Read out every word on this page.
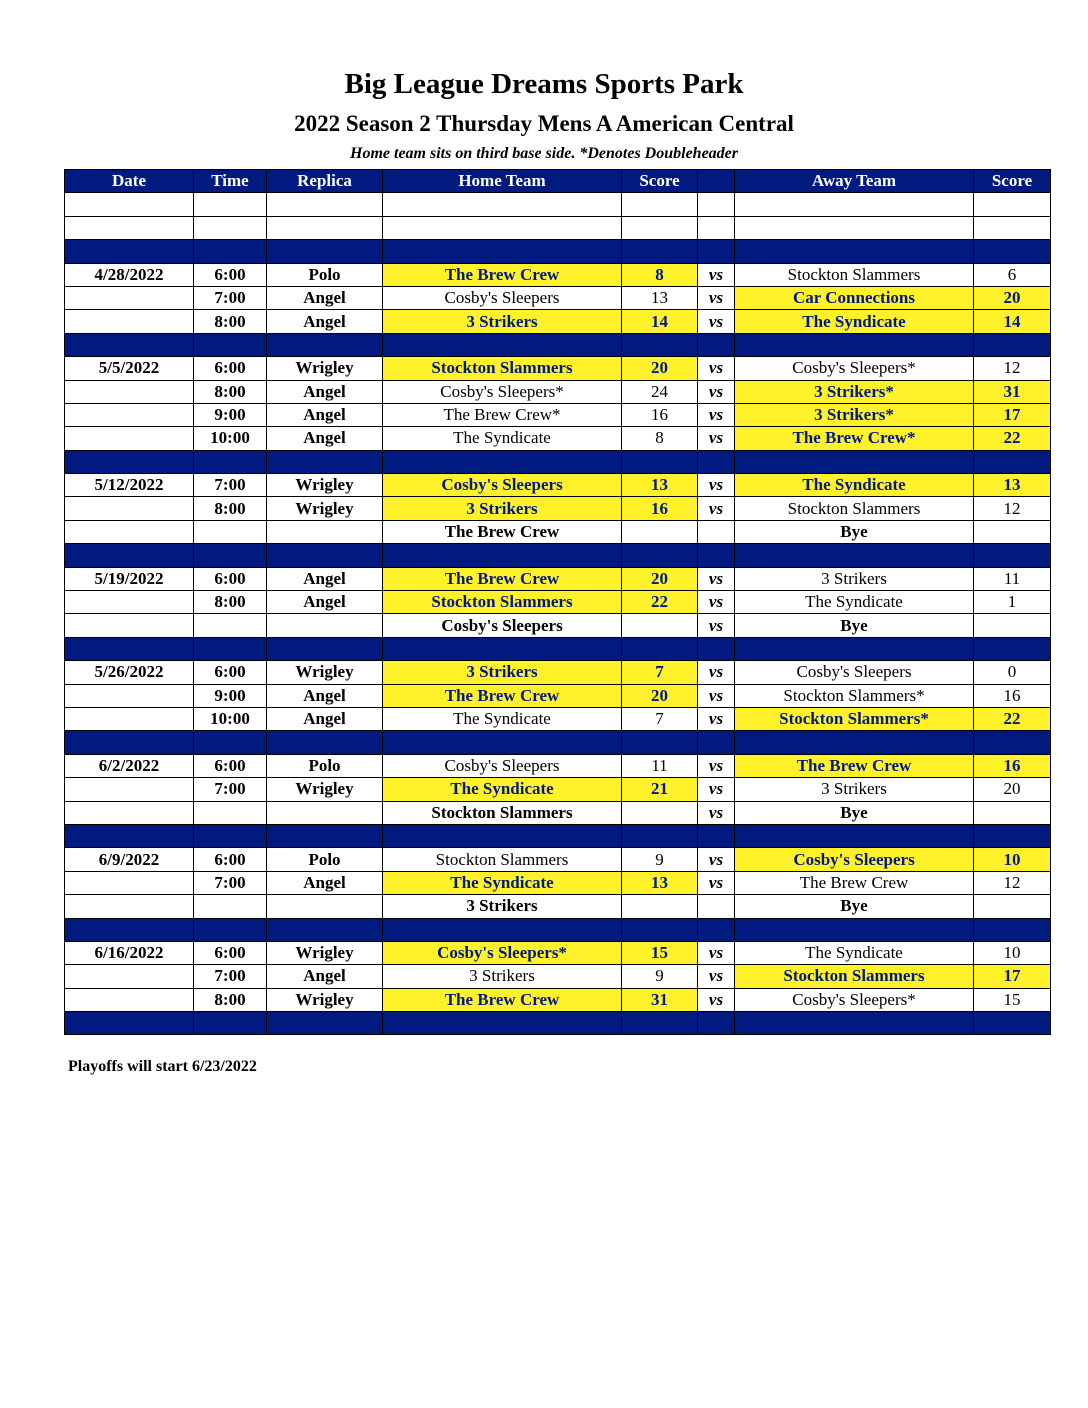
Big League Dreams Sports Park
2022 Season 2 Thursday Mens A American Central
Home team sits on third base side. *Denotes Doubleheader
Date	Time	Replica	Home Team	Score		Away Team	Score

4/28/2022	6:00	Polo	The Brew Crew	8	vs	Stockton Slammers	6
	7:00	Angel	Cosby's Sleepers	13	vs	Car Connections	20
	8:00	Angel	3 Strikers	14	vs	The Syndicate	14

5/5/2022	6:00	Wrigley	Stockton Slammers	20	vs	Cosby's Sleepers*	12
	8:00	Angel	Cosby's Sleepers*	24	vs	3 Strikers*	31
	9:00	Angel	The Brew Crew*	16	vs	3 Strikers*	17
	10:00	Angel	The Syndicate	8	vs	The Brew Crew*	22

5/12/2022	7:00	Wrigley	Cosby's Sleepers	13	vs	The Syndicate	13
	8:00	Wrigley	3 Strikers	16	vs	Stockton Slammers	12
			The Brew Crew			Bye	

5/19/2022	6:00	Angel	The Brew Crew	20	vs	3 Strikers	11
	8:00	Angel	Stockton Slammers	22	vs	The Syndicate	1
			Cosby's Sleepers		vs	Bye	

5/26/2022	6:00	Wrigley	3 Strikers	7	vs	Cosby's Sleepers	0
	9:00	Angel	The Brew Crew	20	vs	Stockton Slammers*	16
	10:00	Angel	The Syndicate	7	vs	Stockton Slammers*	22

6/2/2022	6:00	Polo	Cosby's Sleepers	11	vs	The Brew Crew	16
	7:00	Wrigley	The Syndicate	21	vs	3 Strikers	20
			Stockton Slammers		vs	Bye	

6/9/2022	6:00	Polo	Stockton Slammers	9	vs	Cosby's Sleepers	10
	7:00	Angel	The Syndicate	13	vs	The Brew Crew	12
			3 Strikers			Bye	

6/16/2022	6:00	Wrigley	Cosby's Sleepers*	15	vs	The Syndicate	10
	7:00	Angel	3 Strikers	9	vs	Stockton Slammers	17
	8:00	Wrigley	The Brew Crew	31	vs	Cosby's Sleepers*	15

Playoffs will start 6/23/2022
